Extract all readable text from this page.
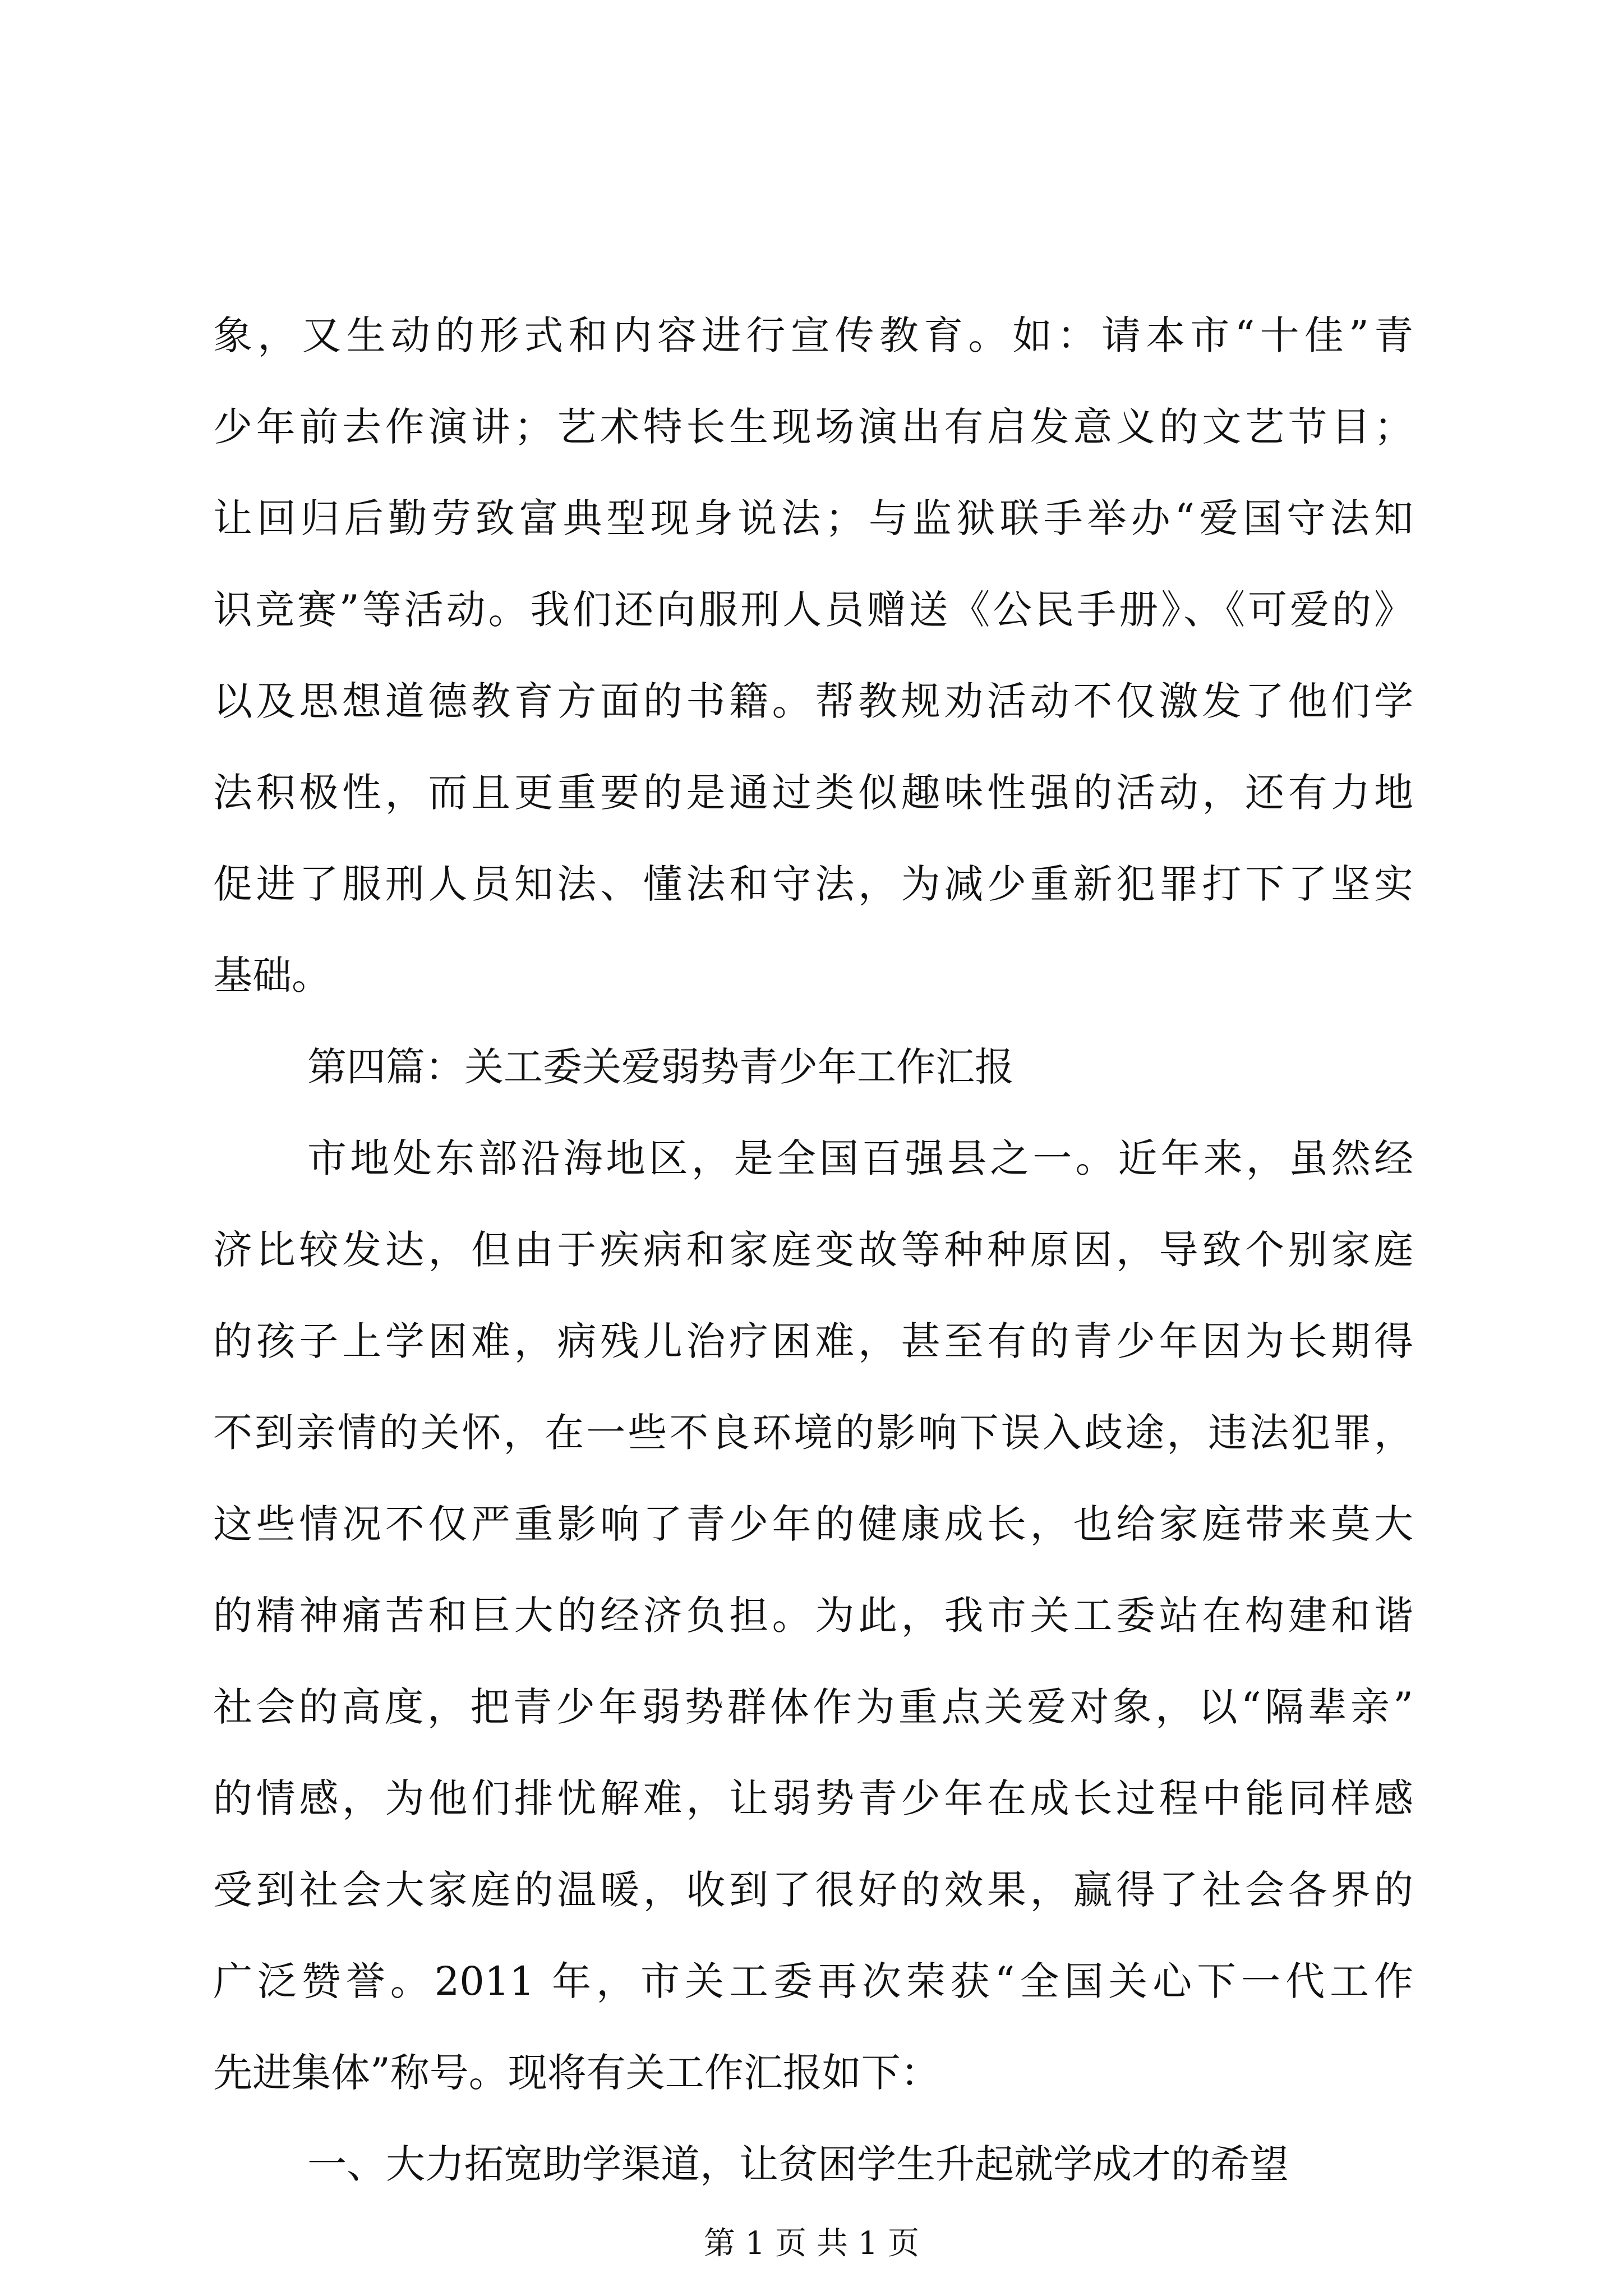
象，又生动的形式和内容进行宣传教育。如：请本市“十佳”青
少年前去作演讲；艺术特长生现场演出有启发意义的文艺节目；
让回归后勤劳致富典型现身说法；与监狱联手举办“爱国守法知
识竞赛”等活动。我们还向服刑人员赠送《公民手册》、《可爱的》
以及思想道德教育方面的书籍。帮教规劝活动不仅激发了他们学
法积极性，而且更重要的是通过类似趣味性强的活动，还有力地
促进了服刑人员知法、懂法和守法，为减少重新犯罪打下了坚实
基础。
第四篇：关工委关爱弱势青少年工作汇报
市地处东部沿海地区，是全国百强县之一。近年来，虽然经
济比较发达，但由于疾病和家庭变故等种种原因，导致个别家庭
的孩子上学困难，病残儿治疗困难，甚至有的青少年因为长期得
不到亲情的关怀，在一些不良环境的影响下误入歧途，违法犯罪，
这些情况不仅严重影响了青少年的健康成长，也给家庭带来莫大
的精神痛苦和巨大的经济负担。为此，我市关工委站在构建和谐
社会的高度，把青少年弱势群体作为重点关爱对象，以“隔辈亲”
的情感，为他们排忧解难，让弱势青少年在成长过程中能同样感
受到社会大家庭的温暖，收到了很好的效果，赢得了社会各界的
广泛赞誉。2011 年，市关工委再次荣获“全国关心下一代工作
先进集体”称号。现将有关工作汇报如下：
一、大力拓宽助学渠道，让贫困学生升起就学成才的希望
第 1 页 共 1 页
